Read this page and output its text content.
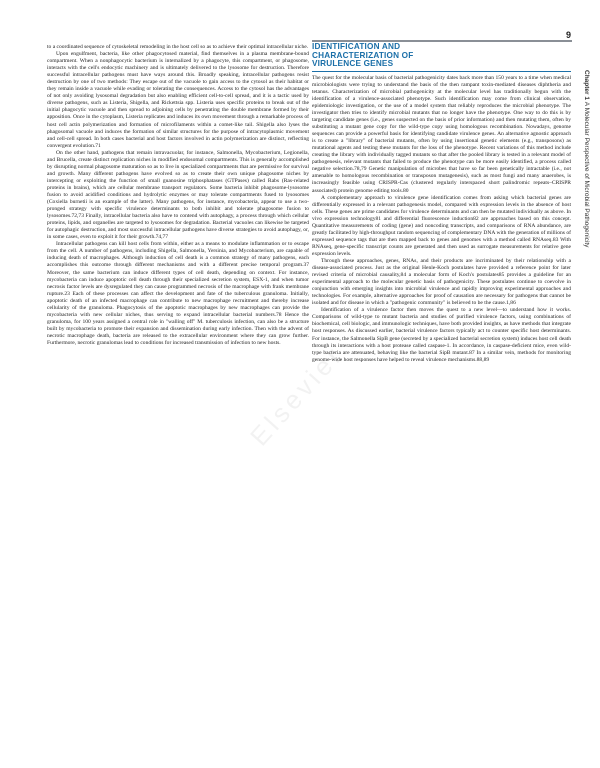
9

to a coordinated sequence of cytoskeletal remodeling in the host cell so as to achieve their optimal intracellular niche.

Upon engulfment, bacteria, like other phagocytosed material, find themselves in a plasma membrane-bound compartment. When a nonphagocytic bacterium is internalized by a phagocyte, this compartment, or phagosome, interacts with the cell's endocytic machinery and is ultimately delivered to the lysosome for destruction. Therefore successful intracellular pathogens must have ways around this. Broadly speaking, intracellular pathogens resist destruction by one of two methods: They escape out of the vacuole to gain access to the cytosol as their habitat or they remain inside a vacuole while evading or tolerating the consequences. Access to the cytosol has the advantages of not only avoiding lysosomal degradation but also enabling efficient cell-to-cell spread, and it is a tactic used by diverse pathogens, such as Listeria, Shigella, and Rickettsia spp. Listeria uses specific proteins to break out of the initial phagocytic vacuole and then spread to adjoining cells by penetrating the double membrane formed by their apposition. Once in the cytoplasm, Listeria replicates and induces its own movement through a remarkable process of host cell actin polymerization and formation of microfilaments within a comet-like tail. Shigella also lyses the phagosomal vacuole and induces the formation of similar structures for the purpose of intracytoplasmic movement and cell-cell spread. In both cases bacterial and host factors involved in actin polymerization are distinct, reflecting convergent evolution.71

On the other hand, pathogens that remain intravacuolar, for instance, Salmonella, Mycobacterium, Legionella, and Brucella, create distinct replication niches in modified endosomal compartments. This is generally accomplished by disrupting normal phagosome maturation so as to live in specialized compartments that are permissive for survival and growth. Many different pathogens have evolved so as to create their own unique phagosome niches by intercepting or exploiting the function of small guanosine triphosphatases (GTPases) called Rabs (Ras-related proteins in brains), which are cellular membrane transport regulators. Some bacteria inhibit phagosome-lysosome fusion to avoid acidified conditions and hydrolytic enzymes or may tolerate compartments fused to lysosomes (Coxiella burnetii is an example of the latter). Many pathogens, for instance, mycobacteria, appear to use a two-pronged strategy with specific virulence determinants to both inhibit and tolerate phagosome fusion to lysosomes.72,73 Finally, intracellular bacteria also have to contend with autophagy, a process through which cellular proteins, lipids, and organelles are targeted to lysosomes for degradation. Bacterial vacuoles can likewise be targeted for autophagic destruction, and most successful intracellular pathogens have diverse strategies to avoid autophagy, or, in some cases, even to exploit it for their growth.74,77

Intracellular pathogens can kill host cells from within, either as a means to modulate inflammation or to escape from the cell. A number of pathogens, including Shigella, Salmonella, Yersinia, and Mycobacterium, are capable of inducing death of macrophages. Although induction of cell death is a common strategy of many pathogens, each accomplishes this outcome through different mechanisms and with a different precise temporal program.37 Moreover, the same bacterium can induce different types of cell death, depending on context. For instance, mycobacteria can induce apoptotic cell death through their specialized secretion system, ESX-1, and when tumor necrosis factor levels are dysregulated they can cause programmed necrosis of the macrophage with frank membrane rupture.23 Each of these processes can affect the development and fate of the tuberculous granuloma. Initially, apoptotic death of an infected macrophage can contribute to new macrophage recruitment and thereby increase cellularity of the granuloma. Phagocytosis of the apoptotic macrophages by new macrophages can provide the mycobacteria with new cellular niches, thus serving to expand intracellular bacterial numbers.78 Hence the granuloma, for 100 years assigned a central role in "walling off" M. tuberculosis infection, can also be a structure built by mycobacteria to promote their expansion and dissemination during early infection. Then with the advent of necrotic macrophage death, bacteria are released to the extracellular environment where they can grow further. Furthermore, necrotic granulomas lead to conditions for increased transmission of infection to new hosts.

IDENTIFICATION AND
CHARACTERIZATION OF
VIRULENCE GENES

The quest for the molecular basis of bacterial pathogenicity dates back more than 150 years to a time when medical microbiologists were trying to understand the basis of the then rampant toxin-mediated diseases diphtheria and tetanus. Characterization of microbial pathogenicity at the molecular level has traditionally begun with the identification of a virulence-associated phenotype. Such identification may come from clinical observation, epidemiologic investigation, or the use of a model system that reliably reproduces the microbial phenotype. The investigator then tries to identify microbial mutants that no longer have the phenotype. One way to do this is by targeting candidate genes (i.e., genes suspected on the basis of prior information) and then mutating them, often by substituting a mutant gene copy for the wild-type copy using homologous recombination. Nowadays, genome sequences can provide a powerful basis for identifying candidate virulence genes. An alternative agnostic approach is to create a "library" of bacterial mutants, often by using insertional genetic elements (e.g., transposons) as mutational agents and testing these mutants for the loss of the phenotype. Recent variations of this method include creating the library with individually tagged mutants so that after the pooled library is tested in a relevant model of pathogenesis, relevant mutants that failed to produce the phenotype can be more easily identified, a process called negative selection.78,79 Genetic manipulation of microbes that have so far been genetically intractable (i.e., not amenable to homologous recombination or transposon mutagenesis), such as most fungi and many anaerobes, is increasingly feasible using CRISPR-Cas (clustered regularly interspaced short palindromic repeats–CRISPR associated) protein genome editing tools.80

A complementary approach to virulence gene identification comes from asking which bacterial genes are differentially expressed in a relevant pathogenesis model, compared with expression levels in the absence of host cells. These genes are prime candidates for virulence determinants and can then be mutated individually as above. In vivo expression technology81 and differential fluorescence induction82 are approaches based on this concept. Quantitative measurements of coding (gene) and noncoding transcripts, and comparisons of RNA abundance, are greatly facilitated by high-throughput random sequencing of complementary DNA with the generation of millions of expressed sequence tags that are then mapped back to genes and genomes with a method called RNAseq.83 With RNAseq, gene-specific transcript counts are generated and then used as surrogate measurements for relative gene expression levels.

Through these approaches, genes, RNAs, and their products are incriminated by their relationship with a disease-associated process. Just as the original Henle-Koch postulates have provided a reference point for later revised criteria of microbial causality,84 a molecular form of Koch's postulates85 provides a guideline for an experimental approach to the molecular genetic basis of pathogenicity. These postulates continue to coevolve in conjunction with emerging insights into microbial virulence and rapidly improving experimental approaches and technologies. For example, alternative approaches for proof of causation are necessary for pathogens that cannot be isolated and for disease in which a "pathogenic community" is believed to be the cause.1,86

Identification of a virulence factor then moves the quest to a new level—to understand how it works. Comparisons of wild-type to mutant bacteria and studies of purified virulence factors, using combinations of biochemical, cell biologic, and immunologic techniques, have both provided insights, as have methods that integrate host responses. As discussed earlier, bacterial virulence factors typically act to counter specific host determinants. For instance, the Salmonella SipB gene (secreted by a specialized bacterial secretion system) induces host cell death through its interactions with a host protease called caspase-1. In accordance, in caspase-deficient mice, even wild-type bacteria are attenuated, behaving like the bacterial SipB mutant.87 In a similar vein, methods for monitoring genome-wide host responses have helped to reveal virulence mechanisms.88,89

Chapter 1 A Molecular Perspective of Microbial Pathogenicity
Elsevier
